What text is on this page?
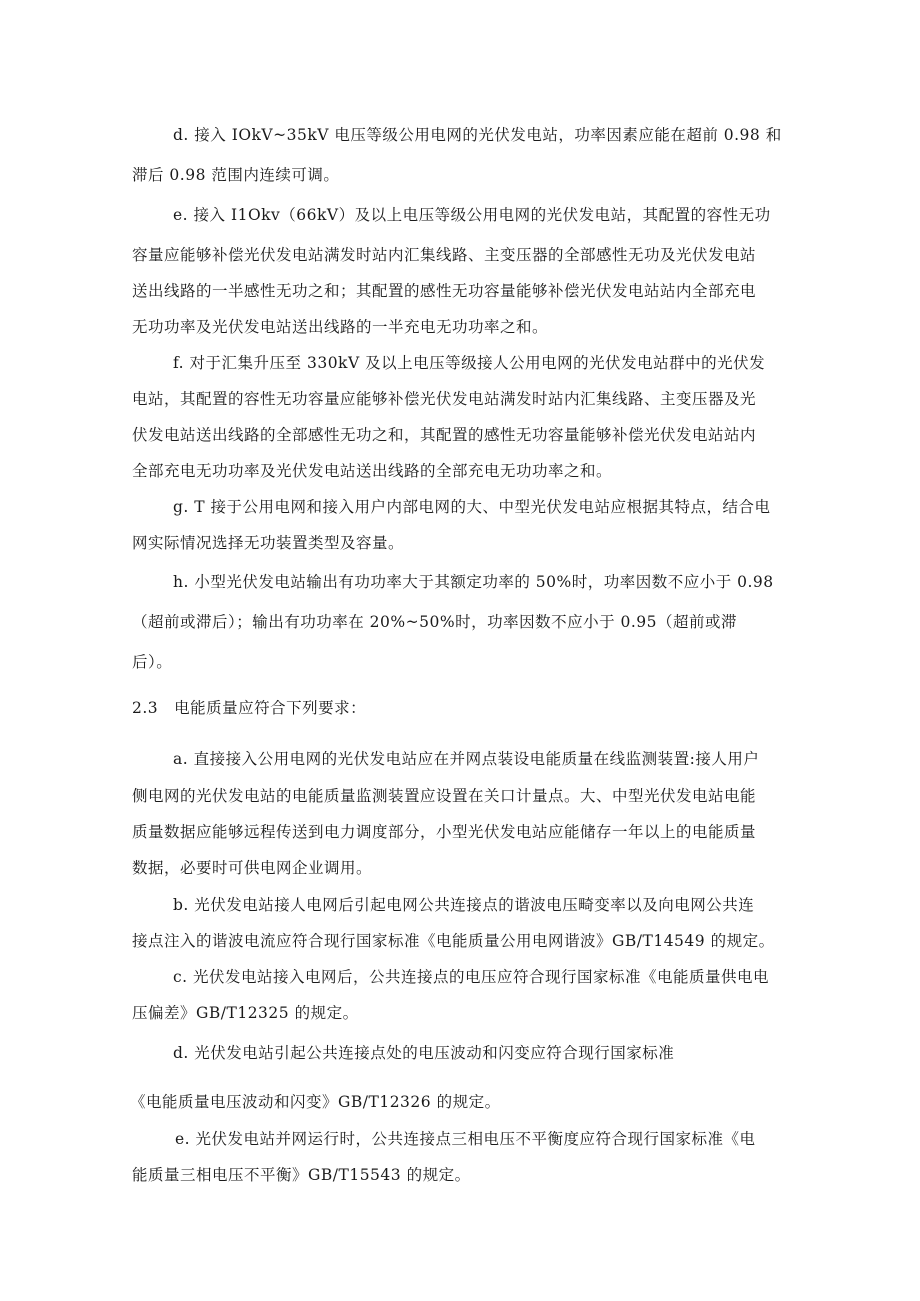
d. 接入 IOkV~35kV 电压等级公用电网的光伏发电站，功率因素应能在超前 0.98 和
滞后 0.98 范围内连续可调。
e. 接入 I1Okv（66kV）及以上电压等级公用电网的光伏发电站，其配置的容性无功
容量应能够补偿光伏发电站满发时站内汇集线路、主变压器的全部感性无功及光伏发电站
送出线路的一半感性无功之和；其配置的感性无功容量能够补偿光伏发电站站内全部充电
无功功率及光伏发电站送出线路的一半充电无功功率之和。
f. 对于汇集升压至 330kV 及以上电压等级接人公用电网的光伏发电站群中的光伏发
电站，其配置的容性无功容量应能够补偿光伏发电站满发时站内汇集线路、主变压器及光
伏发电站送出线路的全部感性无功之和，其配置的感性无功容量能够补偿光伏发电站站内
全部充电无功功率及光伏发电站送出线路的全部充电无功功率之和。
g. T 接于公用电网和接入用户内部电网的大、中型光伏发电站应根据其特点，结合电
网实际情况选择无功装置类型及容量。
h. 小型光伏发电站输出有功功率大于其额定功率的 50%时，功率因数不应小于 0.98
（超前或滞后）；输出有功功率在 20%~50%时，功率因数不应小于 0.95（超前或滞
后）。
2.3　电能质量应符合下列要求：
a. 直接接入公用电网的光伏发电站应在并网点装设电能质量在线监测装置:接人用户
侧电网的光伏发电站的电能质量监测装置应设置在关口计量点。大、中型光伏发电站电能
质量数据应能够远程传送到电力调度部分，小型光伏发电站应能储存一年以上的电能质量
数据，必要时可供电网企业调用。
b. 光伏发电站接人电网后引起电网公共连接点的谐波电压畸变率以及向电网公共连
接点注入的谐波电流应符合现行国家标准《电能质量公用电网谐波》GB/T14549 的规定。
c. 光伏发电站接入电网后，公共连接点的电压应符合现行国家标准《电能质量供电电
压偏差》GB/T12325 的规定。
d. 光伏发电站引起公共连接点处的电压波动和闪变应符合现行国家标准
《电能质量电压波动和闪变》GB/T12326 的规定。
e. 光伏发电站并网运行时，公共连接点三相电压不平衡度应符合现行国家标准《电
能质量三相电压不平衡》GB/T15543 的规定。
